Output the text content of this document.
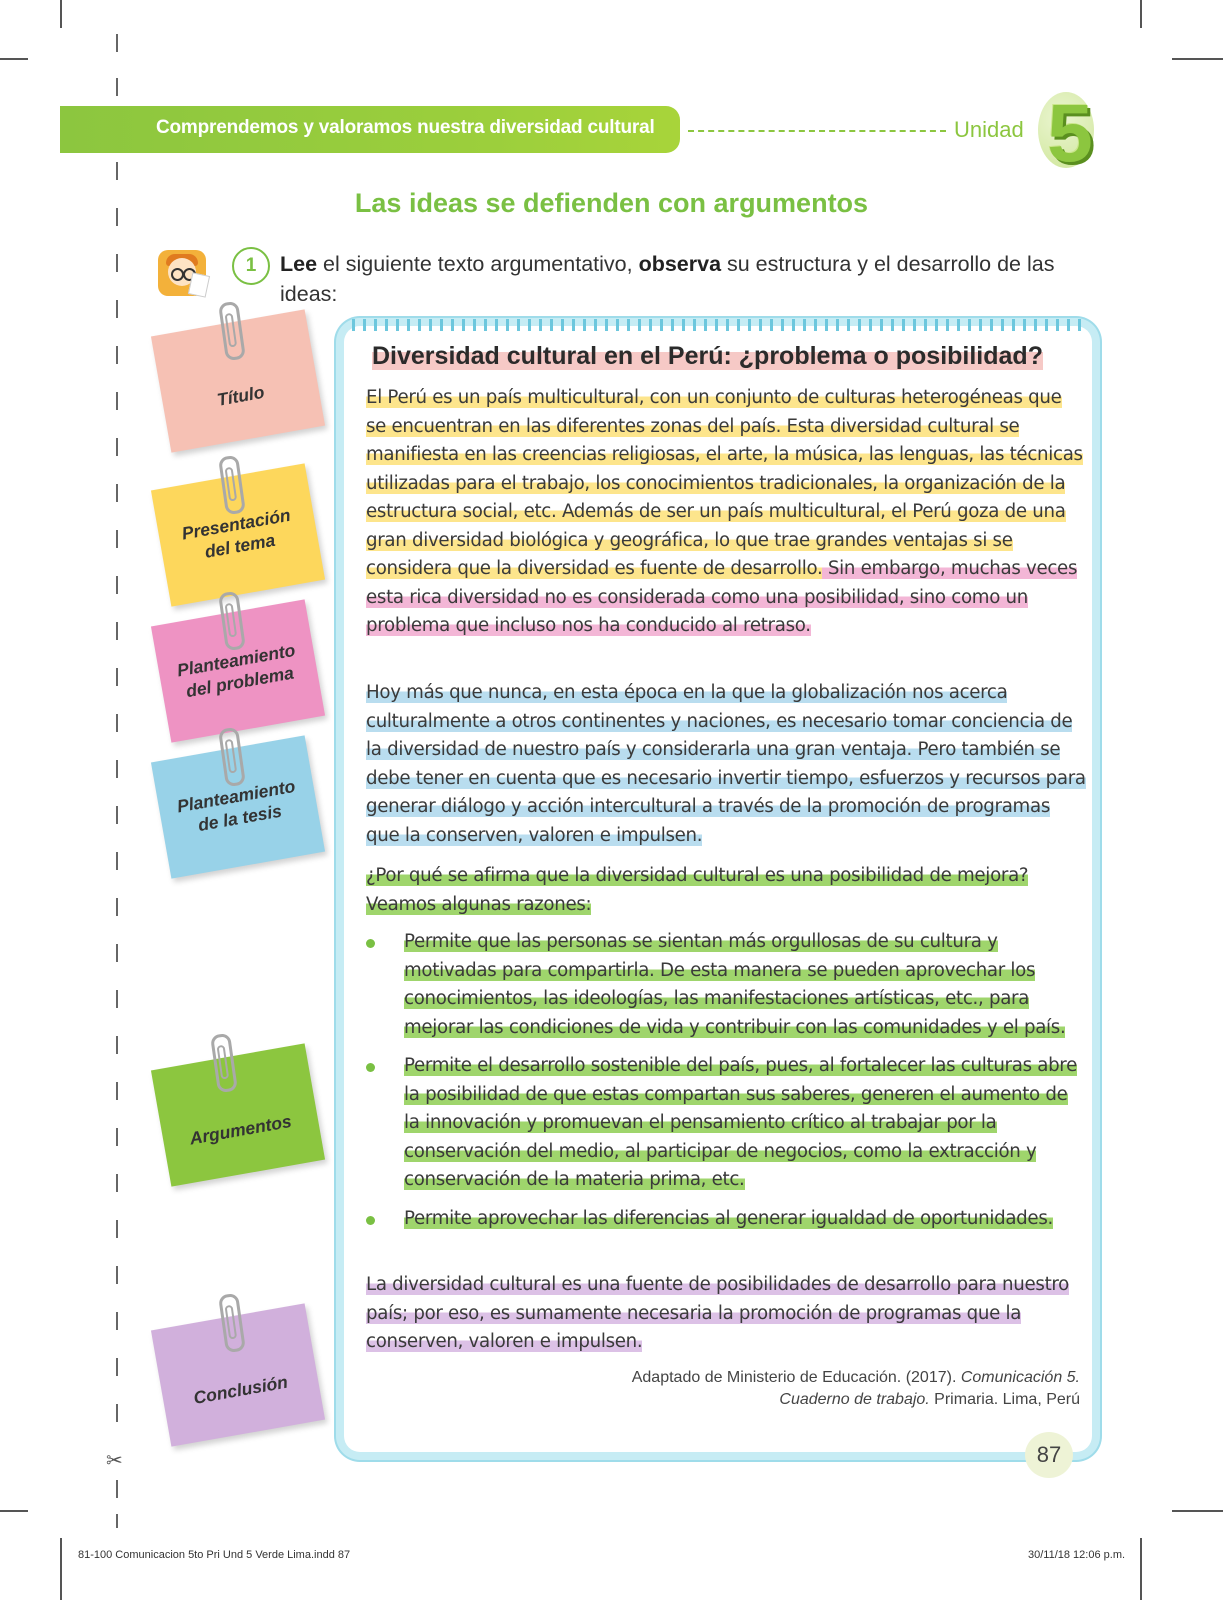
✂
Comprendemos y valoramos nuestra diversidad cultural	Unidad 5
Las ideas se defienden con argumentos
1	Lee el siguiente texto argumentativo, observa su estructura y el desarrollo de las ideas:
Título
Presentación del tema
Planteamiento del problema
Planteamiento de la tesis
Argumentos
Conclusión
Diversidad cultural en el Perú: ¿problema o posibilidad?
El Perú es un país multicultural, con un conjunto de culturas heterogéneas que se encuentran en las diferentes zonas del país. Esta diversidad cultural se manifiesta en las creencias religiosas, el arte, la música, las lenguas, las técnicas utilizadas para el trabajo, los conocimientos tradicionales, la organización de la estructura social, etc. Además de ser un país multicultural, el Perú goza de una gran diversidad biológica y geográfica, lo que trae grandes ventajas si se considera que la diversidad es fuente de desarrollo. Sin embargo, muchas veces esta rica diversidad no es considerada como una posibilidad, sino como un problema que incluso nos ha conducido al retraso.
Hoy más que nunca, en esta época en la que la globalización nos acerca culturalmente a otros continentes y naciones, es necesario tomar conciencia de la diversidad de nuestro país y considerarla una gran ventaja. Pero también se debe tener en cuenta que es necesario invertir tiempo, esfuerzos y recursos para generar diálogo y acción intercultural a través de la promoción de programas que la conserven, valoren e impulsen.
¿Por qué se afirma que la diversidad cultural es una posibilidad de mejora? Veamos algunas razones:
Permite que las personas se sientan más orgullosas de su cultura y motivadas para compartirla. De esta manera se pueden aprovechar los conocimientos, las ideologías, las manifestaciones artísticas, etc., para mejorar las condiciones de vida y contribuir con las comunidades y el país.
Permite el desarrollo sostenible del país, pues, al fortalecer las culturas abre la posibilidad de que estas compartan sus saberes, generen el aumento de la innovación y promuevan el pensamiento crítico al trabajar por la conservación del medio, al participar de negocios, como la extracción y conservación de la materia prima, etc.
Permite aprovechar las diferencias al generar igualdad de oportunidades.
La diversidad cultural es una fuente de posibilidades de desarrollo para nuestro país; por eso, es sumamente necesaria la promoción de programas que la conserven, valoren e impulsen.
Adaptado de Ministerio de Educación. (2017). Comunicación 5.
Cuaderno de trabajo. Primaria. Lima, Perú
87
81-100 Comunicacion 5to Pri Und 5 Verde Lima.indd 87	30/11/18 12:06 p.m.
